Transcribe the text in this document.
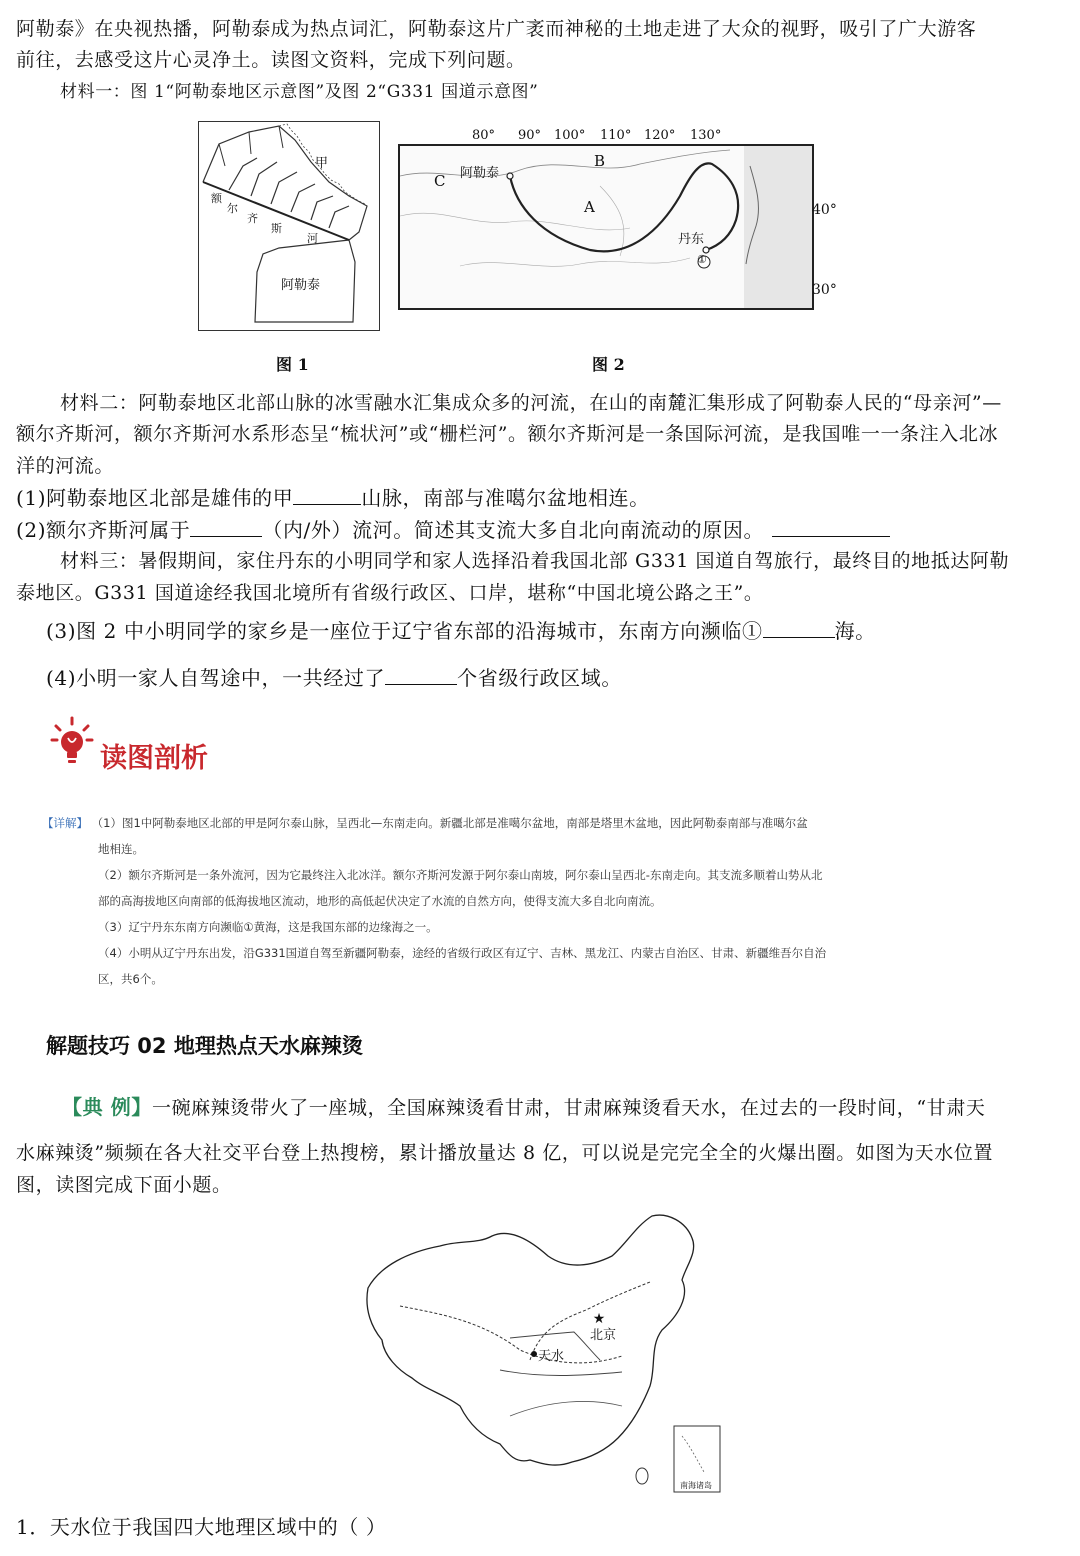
阿勒泰》在央视热播，阿勒泰成为热点词汇，阿勒泰这片广袤而神秘的土地走进了大众的视野，吸引了广大游客
前往，去感受这片心灵净土。读图文资料，完成下列问题。
材料一：图 1“阿勒泰地区示意图”及图 2“G331 国道示意图”
甲
额
尔
齐
斯
河
阿勒泰
图 1
80° 90° 100° 110° 120° 130°
阿勒泰
B
C
A
丹东
①
40°
30°
图 2
材料二：阿勒泰地区北部山脉的冰雪融水汇集成众多的河流，在山的南麓汇集形成了阿勒泰人民的“母亲河”—
额尔齐斯河，额尔齐斯河水系形态呈“梳状河”或“栅栏河”。额尔齐斯河是一条国际河流，是我国唯一一条注入北冰
洋的河流。
(1)阿勒泰地区北部是雄伟的甲	山脉，南部与准噶尔盆地相连。
(2)额尔齐斯河属于	（内/外）流河。简述其支流大多自北向南流动的原因。
材料三：暑假期间，家住丹东的小明同学和家人选择沿着我国北部 G331 国道自驾旅行，最终目的地抵达阿勒
泰地区。G331 国道途经我国北境所有省级行政区、口岸，堪称“中国北境公路之王”。
(3)图 2 中小明同学的家乡是一座位于辽宁省东部的沿海城市，东南方向濒临①	海。
(4)小明一家人自驾途中，一共经过了	个省级行政区域。
读图剖析
【详解】 （1）图1中阿勒泰地区北部的甲是阿尔泰山脉，呈西北—东南走向。新疆北部是准噶尔盆地，南部是塔里木盆地，因此阿勒泰南部与准噶尔盆
地相连。
（2）额尔齐斯河是一条外流河，因为它最终注入北冰洋。额尔齐斯河发源于阿尔泰山南坡，阿尔泰山呈西北-东南走向。其支流多顺着山势从北
部的高海拔地区向南部的低海拔地区流动，地形的高低起伏决定了水流的自然方向，使得支流大多自北向南流。
（3）辽宁丹东东南方向濒临①黄海，这是我国东部的边缘海之一。
（4）小明从辽宁丹东出发，沿G331国道自驾至新疆阿勒泰，途经的省级行政区有辽宁、吉林、黑龙江、内蒙古自治区、甘肃、新疆维吾尔自治
区，共6个。
解题技巧 02 地理热点天水麻辣烫
【典 例】一碗麻辣烫带火了一座城，全国麻辣烫看甘肃，甘肃麻辣烫看天水，在过去的一段时间，“甘肃天
水麻辣烫”频频在各大社交平台登上热搜榜，累计播放量达 8 亿，可以说是完完全全的火爆出圈。如图为天水位置
图，读图完成下面小题。
★
天水
北京
南海诸岛
1．天水位于我国四大地理区域中的（ ）
